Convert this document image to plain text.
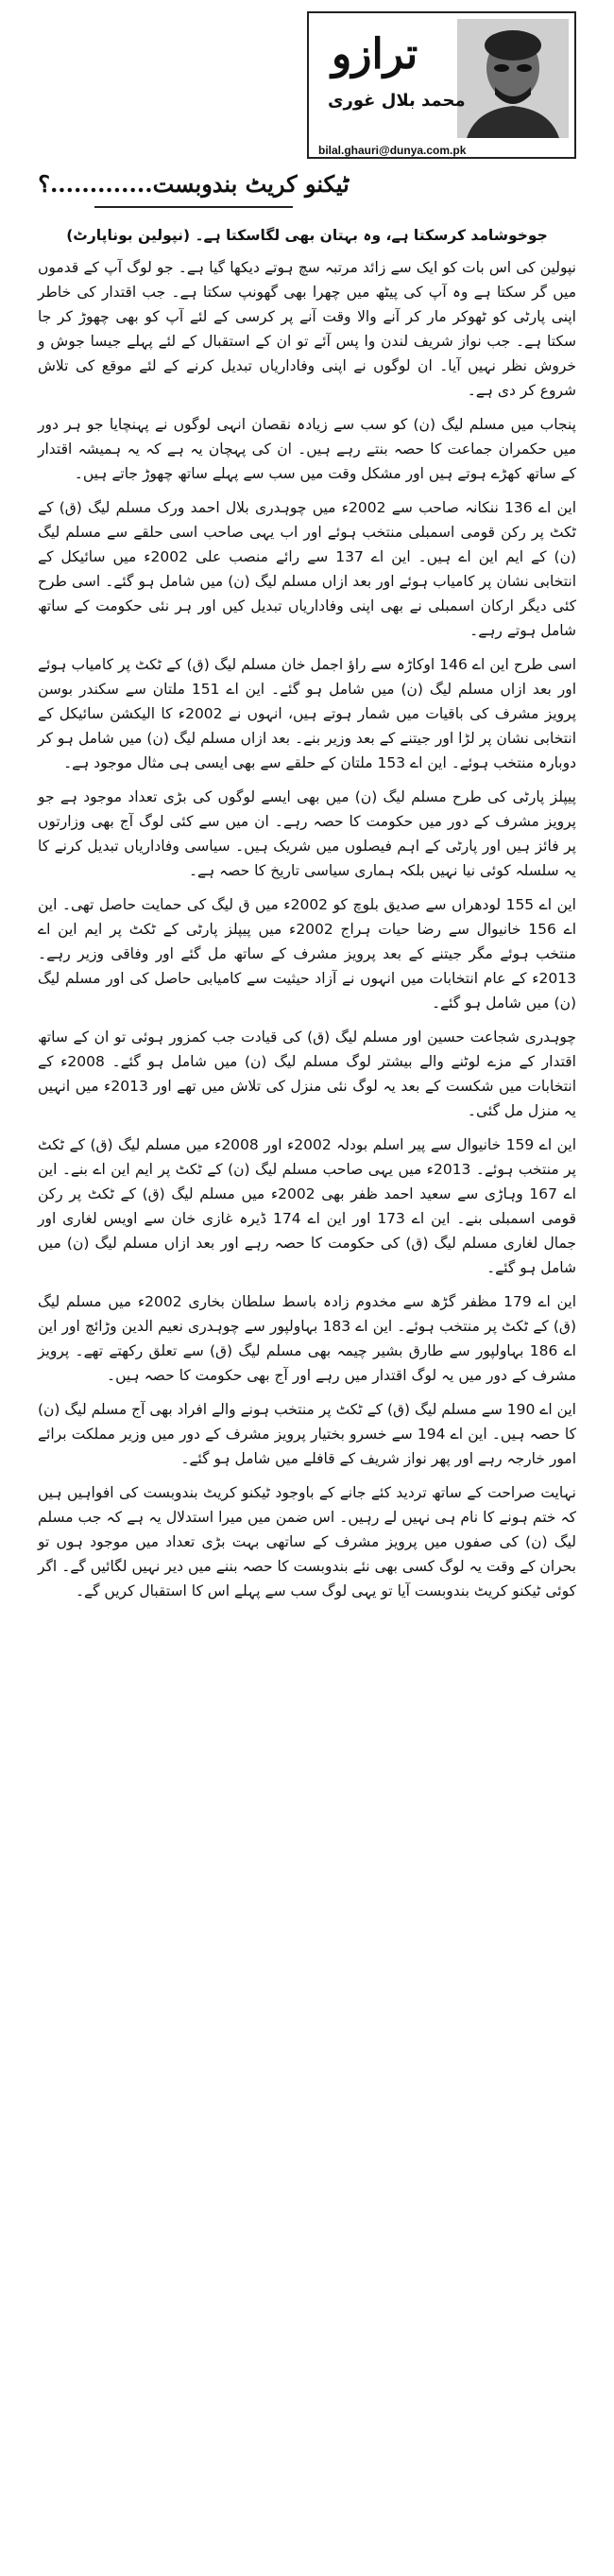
ترازو
محمد بلال غوری
bilal.ghauri@dunya.com.pk
ٹیکنو کریٹ بندوبست.............؟

جوخوشامد کرسکتا ہے، وہ بہتان بھی لگاسکتا ہے۔ (نپولین بوناپارٹ)

نپولین کی اس بات کو ایک سے زائد مرتبہ سچ ہوتے دیکھا گیا ہے۔ جو لوگ آپ کے قدموں میں گر سکتا ہے وہ آپ کی پیٹھ میں چھرا بھی گھونپ سکتا ہے۔ جب اقتدار کی خاطر اپنی پارٹی کو ٹھوکر مار کر آنے والا وقت آنے پر کرسی کے لئے آپ کو بھی چھوڑ کر جا سکتا ہے۔ جب نواز شریف لندن وا پس آئے تو ان کے استقبال کے لئے پہلے جیسا جوش و خروش نظر نہیں آیا۔ ان لوگوں نے اپنی وفاداریاں تبدیل کرنے کے لئے موقع کی تلاش شروع کر دی ہے۔

پنجاب میں مسلم لیگ (ن) کو سب سے زیادہ نقصان انہی لوگوں نے پہنچایا جو ہر دور میں حکمران جماعت کا حصہ بنتے رہے ہیں۔ ان کی پہچان یہ ہے کہ یہ ہمیشہ اقتدار کے ساتھ کھڑے ہوتے ہیں اور مشکل وقت میں سب سے پہلے ساتھ چھوڑ جاتے ہیں۔

این اے 136 ننکانہ صاحب سے 2002ء میں چوہدری بلال احمد ورک مسلم لیگ (ق) کے ٹکٹ پر رکن قومی اسمبلی منتخب ہوئے اور اب یہی صاحب اسی حلقے سے مسلم لیگ (ن) کے ایم این اے ہیں۔ این اے 137 سے رائے منصب علی 2002ء میں سائیکل کے انتخابی نشان پر کامیاب ہوئے اور بعد ازاں مسلم لیگ (ن) میں شامل ہو گئے۔ اسی طرح کئی دیگر ارکان اسمبلی نے بھی اپنی وفاداریاں تبدیل کیں اور ہر نئی حکومت کے ساتھ شامل ہوتے رہے۔

اسی طرح این اے 146 اوکاڑہ سے راؤ اجمل خان مسلم لیگ (ق) کے ٹکٹ پر کامیاب ہوئے اور بعد ازاں مسلم لیگ (ن) میں شامل ہو گئے۔ این اے 151 ملتان سے سکندر بوسن پرویز مشرف کی باقیات میں شمار ہوتے ہیں، انہوں نے 2002ء کا الیکشن سائیکل کے انتخابی نشان پر لڑا اور جیتنے کے بعد وزیر بنے۔ بعد ازاں مسلم لیگ (ن) میں شامل ہو کر دوبارہ منتخب ہوئے۔ این اے 153 ملتان کے حلقے سے بھی ایسی ہی مثال موجود ہے۔

پیپلز پارٹی کی طرح مسلم لیگ (ن) میں بھی ایسے لوگوں کی بڑی تعداد موجود ہے جو پرویز مشرف کے دور میں حکومت کا حصہ رہے۔ ان میں سے کئی لوگ آج بھی وزارتوں پر فائز ہیں اور پارٹی کے اہم فیصلوں میں شریک ہیں۔ سیاسی وفاداریاں تبدیل کرنے کا یہ سلسلہ کوئی نیا نہیں بلکہ ہماری سیاسی تاریخ کا حصہ ہے۔

این اے 155 لودھراں سے صدیق بلوچ کو 2002ء میں ق لیگ کی حمایت حاصل تھی۔ این اے 156 خانیوال سے رضا حیات ہراج 2002ء میں پیپلز پارٹی کے ٹکٹ پر ایم این اے منتخب ہوئے مگر جیتنے کے بعد پرویز مشرف کے ساتھ مل گئے اور وفاقی وزیر رہے۔ 2013ء کے عام انتخابات میں انہوں نے آزاد حیثیت سے کامیابی حاصل کی اور مسلم لیگ (ن) میں شامل ہو گئے۔

چوہدری شجاعت حسین اور مسلم لیگ (ق) کی قیادت جب کمزور ہوئی تو ان کے ساتھ اقتدار کے مزے لوٹنے والے بیشتر لوگ مسلم لیگ (ن) میں شامل ہو گئے۔ 2008ء کے انتخابات میں شکست کے بعد یہ لوگ نئی منزل کی تلاش میں تھے اور 2013ء میں انہیں یہ منزل مل گئی۔

این اے 159 خانیوال سے پیر اسلم بودلہ 2002ء اور 2008ء میں مسلم لیگ (ق) کے ٹکٹ پر منتخب ہوئے۔ 2013ء میں یہی صاحب مسلم لیگ (ن) کے ٹکٹ پر ایم این اے بنے۔ این اے 167 وہاڑی سے سعید احمد ظفر بھی 2002ء میں مسلم لیگ (ق) کے ٹکٹ پر رکن قومی اسمبلی بنے۔ این اے 173 اور این اے 174 ڈیرہ غازی خان سے اویس لغاری اور جمال لغاری مسلم لیگ (ق) کی حکومت کا حصہ رہے اور بعد ازاں مسلم لیگ (ن) میں شامل ہو گئے۔

این اے 179 مظفر گڑھ سے مخدوم زادہ باسط سلطان بخاری 2002ء میں مسلم لیگ (ق) کے ٹکٹ پر منتخب ہوئے۔ این اے 183 بہاولپور سے چوہدری نعیم الدین وڑائچ اور این اے 186 بہاولپور سے طارق بشیر چیمہ بھی مسلم لیگ (ق) سے تعلق رکھتے تھے۔ پرویز مشرف کے دور میں یہ لوگ اقتدار میں رہے اور آج بھی حکومت کا حصہ ہیں۔

این اے 190 سے مسلم لیگ (ق) کے ٹکٹ پر منتخب ہونے والے افراد بھی آج مسلم لیگ (ن) کا حصہ ہیں۔ این اے 194 سے خسرو بختیار پرویز مشرف کے دور میں وزیر مملکت برائے امور خارجہ رہے اور پھر نواز شریف کے قافلے میں شامل ہو گئے۔

نہایت صراحت کے ساتھ تردید کئے جانے کے باوجود ٹیکنو کریٹ بندوبست کی افواہیں ہیں کہ ختم ہونے کا نام ہی نہیں لے رہیں۔ اس ضمن میں میرا استدلال یہ ہے کہ جب مسلم لیگ (ن) کی صفوں میں پرویز مشرف کے ساتھی بہت بڑی تعداد میں موجود ہوں تو بحران کے وقت یہ لوگ کسی بھی نئے بندوبست کا حصہ بننے میں دیر نہیں لگائیں گے۔ اگر کوئی ٹیکنو کریٹ بندوبست آیا تو یہی لوگ سب سے پہلے اس کا استقبال کریں گے۔
